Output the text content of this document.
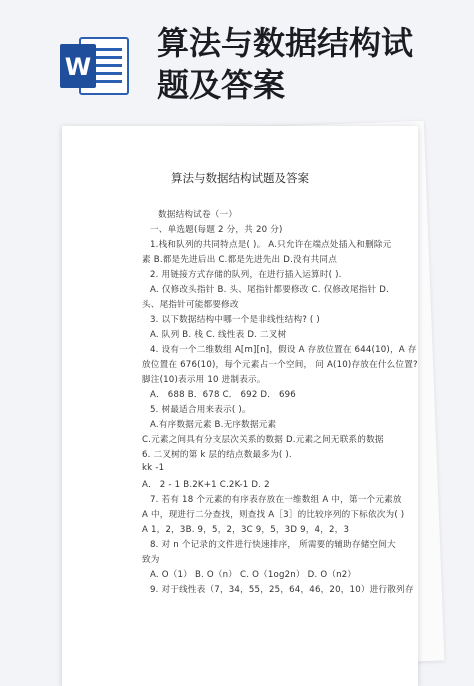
W
算法与数据结构试
题及答案
算法与数据结构试题及答案
数据结构试卷（一）
一、单选题(每题 2 分，共 20 分)
1.栈和队列的共同特点是( )。 A.只允许在端点处插入和删除元
素 B.都是先进后出 C.都是先进先出 D.没有共同点
2. 用链接方式存储的队列，在进行插入运算时( ).
A. 仅修改头指针 B. 头、尾指针都要修改 C. 仅修改尾指针 D.
头、尾指针可能都要修改
3. 以下数据结构中哪一个是非线性结构? ( )
A. 队列 B. 栈 C. 线性表 D. 二叉树
4. 设有一个二维数组 A[m][n]，假设 A 存放位置在 644(10)，A 存
放位置在 676(10)，每个元素占一个空间， 问 A(10)存放在什么位置?
脚注(10)表示用 10 进制表示。
A． 688 B．678 C． 692 D． 696
5. 树最适合用来表示( )。
A.有序数据元素 B.无序数据元素
C.元素之间具有分支层次关系的数据 D.元素之间无联系的数据
6. 二叉树的第 k 层的结点数最多为( ).
kk -1
A． 2 - 1 B.2K+1 C.2K-1 D. 2
7. 若有 18 个元素的有序表存放在一维数组 A 中，第一个元素放
A 中，现进行二分查找，则查找 A［3］的比较序列的下标依次为( )
A 1，2，3B. 9，5，2，3C 9，5，3D 9，4，2，3
8. 对 n 个记录的文件进行快速排序， 所需要的辅助存储空间大
致为
A. O（1） B. O（n） C. O（1og2n） D. O（n2）
9. 对于线性表（7，34，55，25，64，46，20，10）进行散列存
